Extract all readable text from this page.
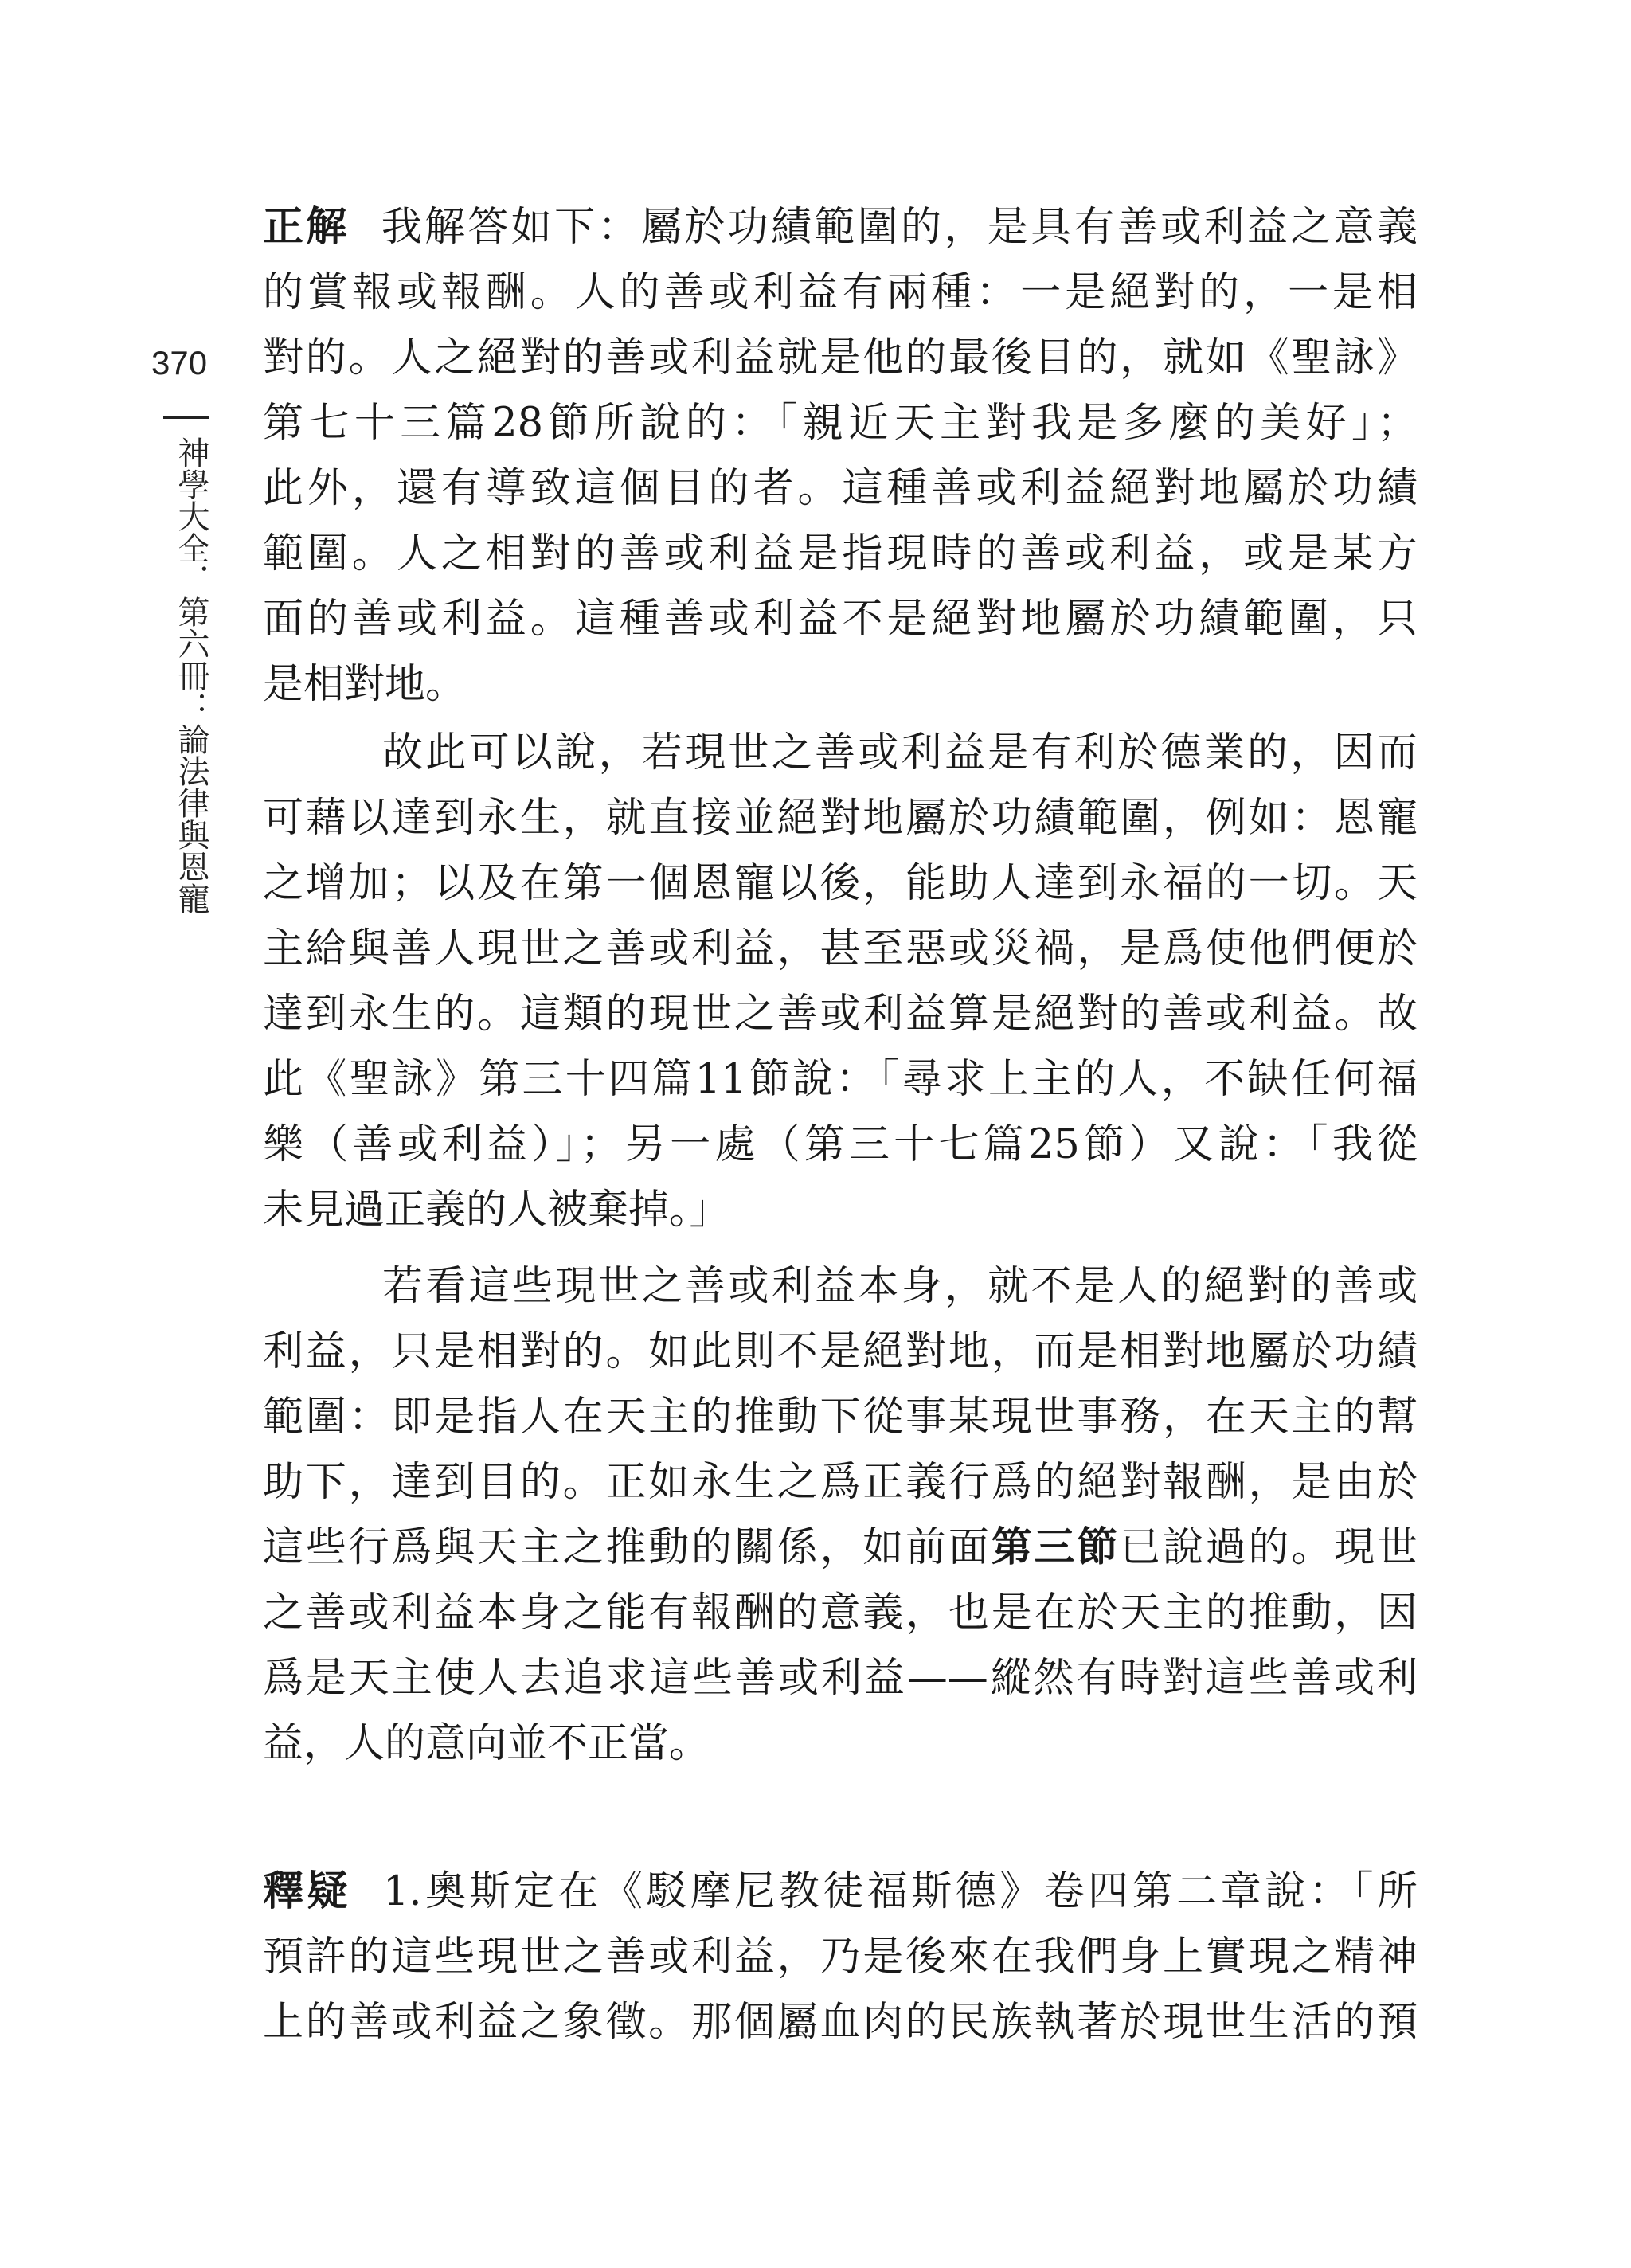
370
神學大全．第六冊：論法律與恩寵
正解 我解答如下：屬於功績範圍的，是具有善或利益之意義
的賞報或報酬。人的善或利益有兩種：一是絕對的，一是相
對的。人之絕對的善或利益就是他的最後目的，就如《聖詠》
第七十三篇28節所說的：「親近天主對我是多麼的美好」；
此外，還有導致這個目的者。這種善或利益絕對地屬於功績
範圍。人之相對的善或利益是指現時的善或利益，或是某方
面的善或利益。這種善或利益不是絕對地屬於功績範圍，只
是相對地。
故此可以說，若現世之善或利益是有利於德業的，因而
可藉以達到永生，就直接並絕對地屬於功績範圍，例如：恩寵
之增加；以及在第一個恩寵以後，能助人達到永福的一切。天
主給與善人現世之善或利益，甚至惡或災禍，是爲使他們便於
達到永生的。這類的現世之善或利益算是絕對的善或利益。故
此《聖詠》第三十四篇11節說：「尋求上主的人，不缺任何福
樂（善或利益）」；另一處（第三十七篇25節）又說：「我從
未見過正義的人被棄掉。」
若看這些現世之善或利益本身，就不是人的絕對的善或
利益，只是相對的。如此則不是絕對地，而是相對地屬於功績
範圍：即是指人在天主的推動下從事某現世事務，在天主的幫
助下，達到目的。正如永生之爲正義行爲的絕對報酬，是由於
這些行爲與天主之推動的關係，如前面第三節已說過的。現世
之善或利益本身之能有報酬的意義，也是在於天主的推動，因
爲是天主使人去追求這些善或利益——縱然有時對這些善或利
益，人的意向並不正當。
釋疑 1.奧斯定在《駁摩尼教徒福斯德》卷四第二章說：「所
預許的這些現世之善或利益，乃是後來在我們身上實現之精神
上的善或利益之象徵。那個屬血肉的民族執著於現世生活的預
